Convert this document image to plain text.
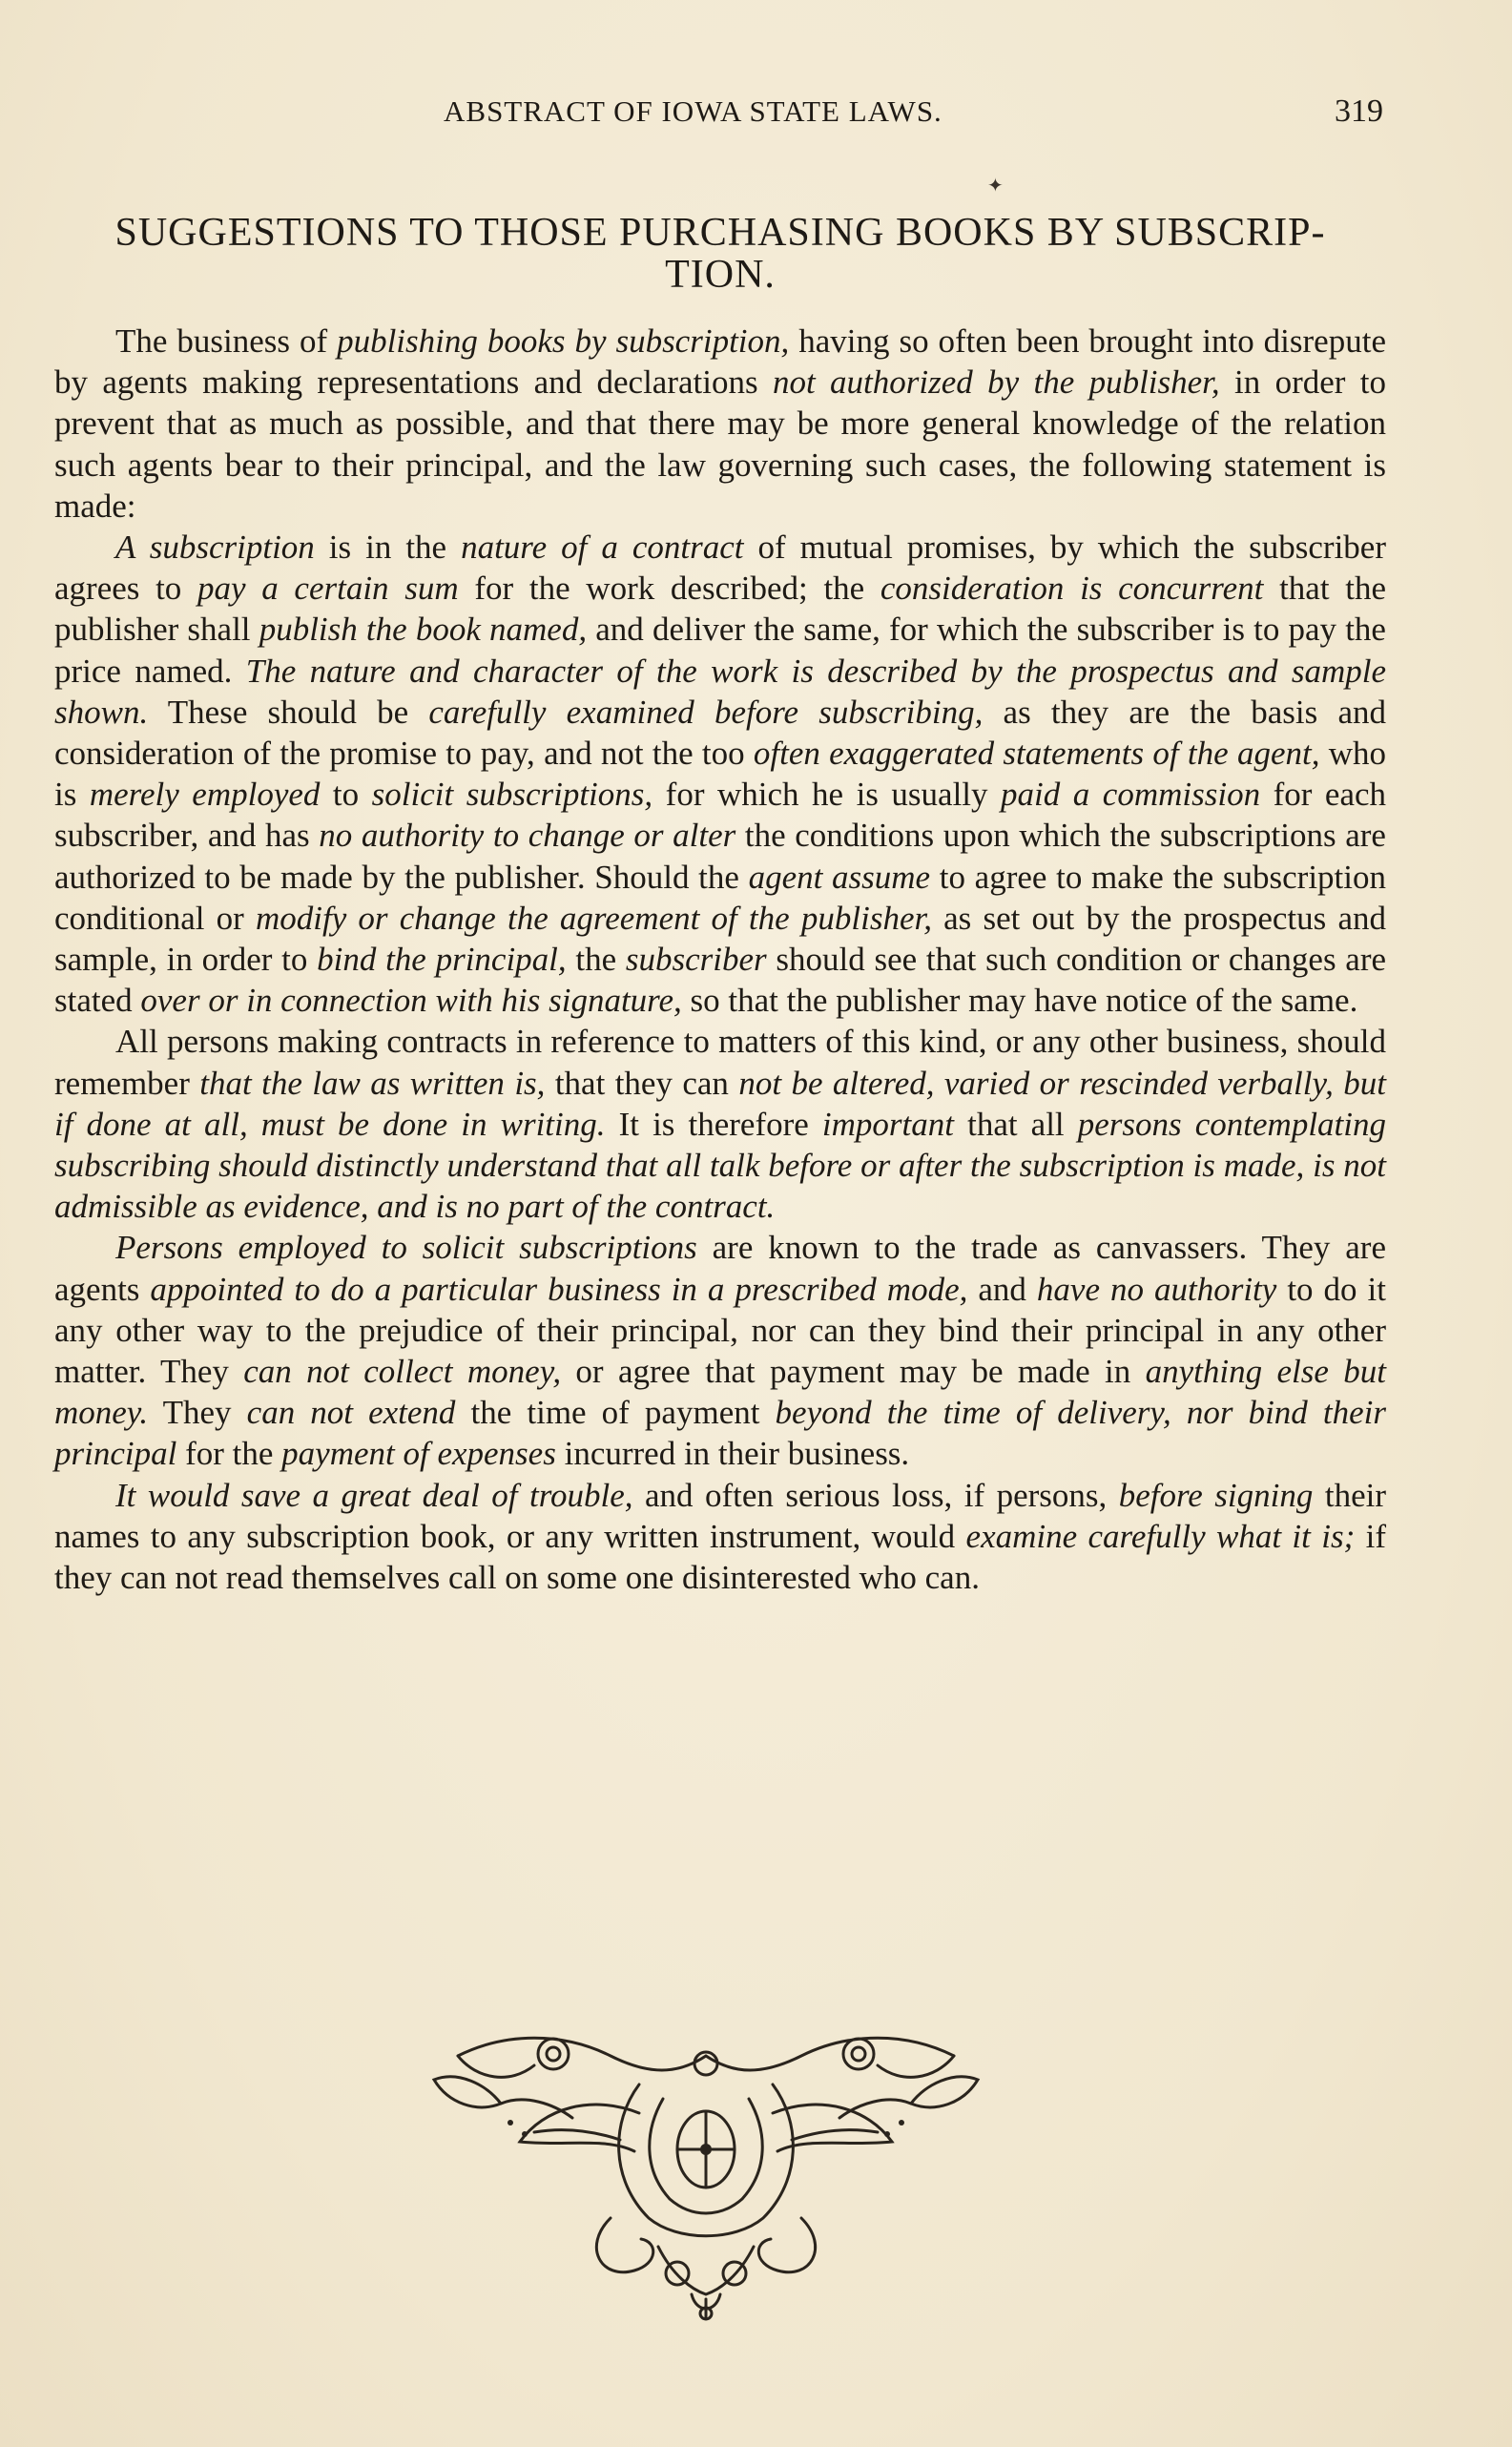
ABSTRACT OF IOWA STATE LAWS.	319
✦
SUGGESTIONS TO THOSE PURCHASING BOOKS BY SUBSCRIP-
TION.

The business of publishing books by subscription, having so often been brought into disrepute by agents making representations and declarations not authorized by the publisher, in order to prevent that as much as possible, and that there may be more general knowledge of the relation such agents bear to their principal, and the law governing such cases, the following statement is made:

A subscription is in the nature of a contract of mutual promises, by which the subscriber agrees to pay a certain sum for the work described; the consideration is concurrent that the publisher shall publish the book named, and deliver the same, for which the subscriber is to pay the price named. The nature and character of the work is described by the prospectus and sample shown. These should be carefully examined before subscribing, as they are the basis and consideration of the promise to pay, and not the too often exaggerated statements of the agent, who is merely employed to solicit subscriptions, for which he is usually paid a commission for each subscriber, and has no authority to change or alter the conditions upon which the subscriptions are authorized to be made by the publisher. Should the agent assume to agree to make the subscription conditional or modify or change the agreement of the publisher, as set out by the prospectus and sample, in order to bind the principal, the subscriber should see that such condition or changes are stated over or in connection with his signature, so that the publisher may have notice of the same.

All persons making contracts in reference to matters of this kind, or any other business, should remember that the law as written is, that they can not be altered, varied or rescinded verbally, but if done at all, must be done in writing. It is therefore important that all persons contemplating subscribing should distinctly understand that all talk before or after the subscription is made, is not admissible as evidence, and is no part of the contract.

Persons employed to solicit subscriptions are known to the trade as canvassers. They are agents appointed to do a particular business in a prescribed mode, and have no authority to do it any other way to the prejudice of their principal, nor can they bind their principal in any other matter. They can not collect money, or agree that payment may be made in anything else but money. They can not extend the time of payment beyond the time of delivery, nor bind their principal for the payment of expenses incurred in their business.

It would save a great deal of trouble, and often serious loss, if persons, before signing their names to any subscription book, or any written instrument, would examine carefully what it is; if they can not read themselves call on some one disinterested who can.
